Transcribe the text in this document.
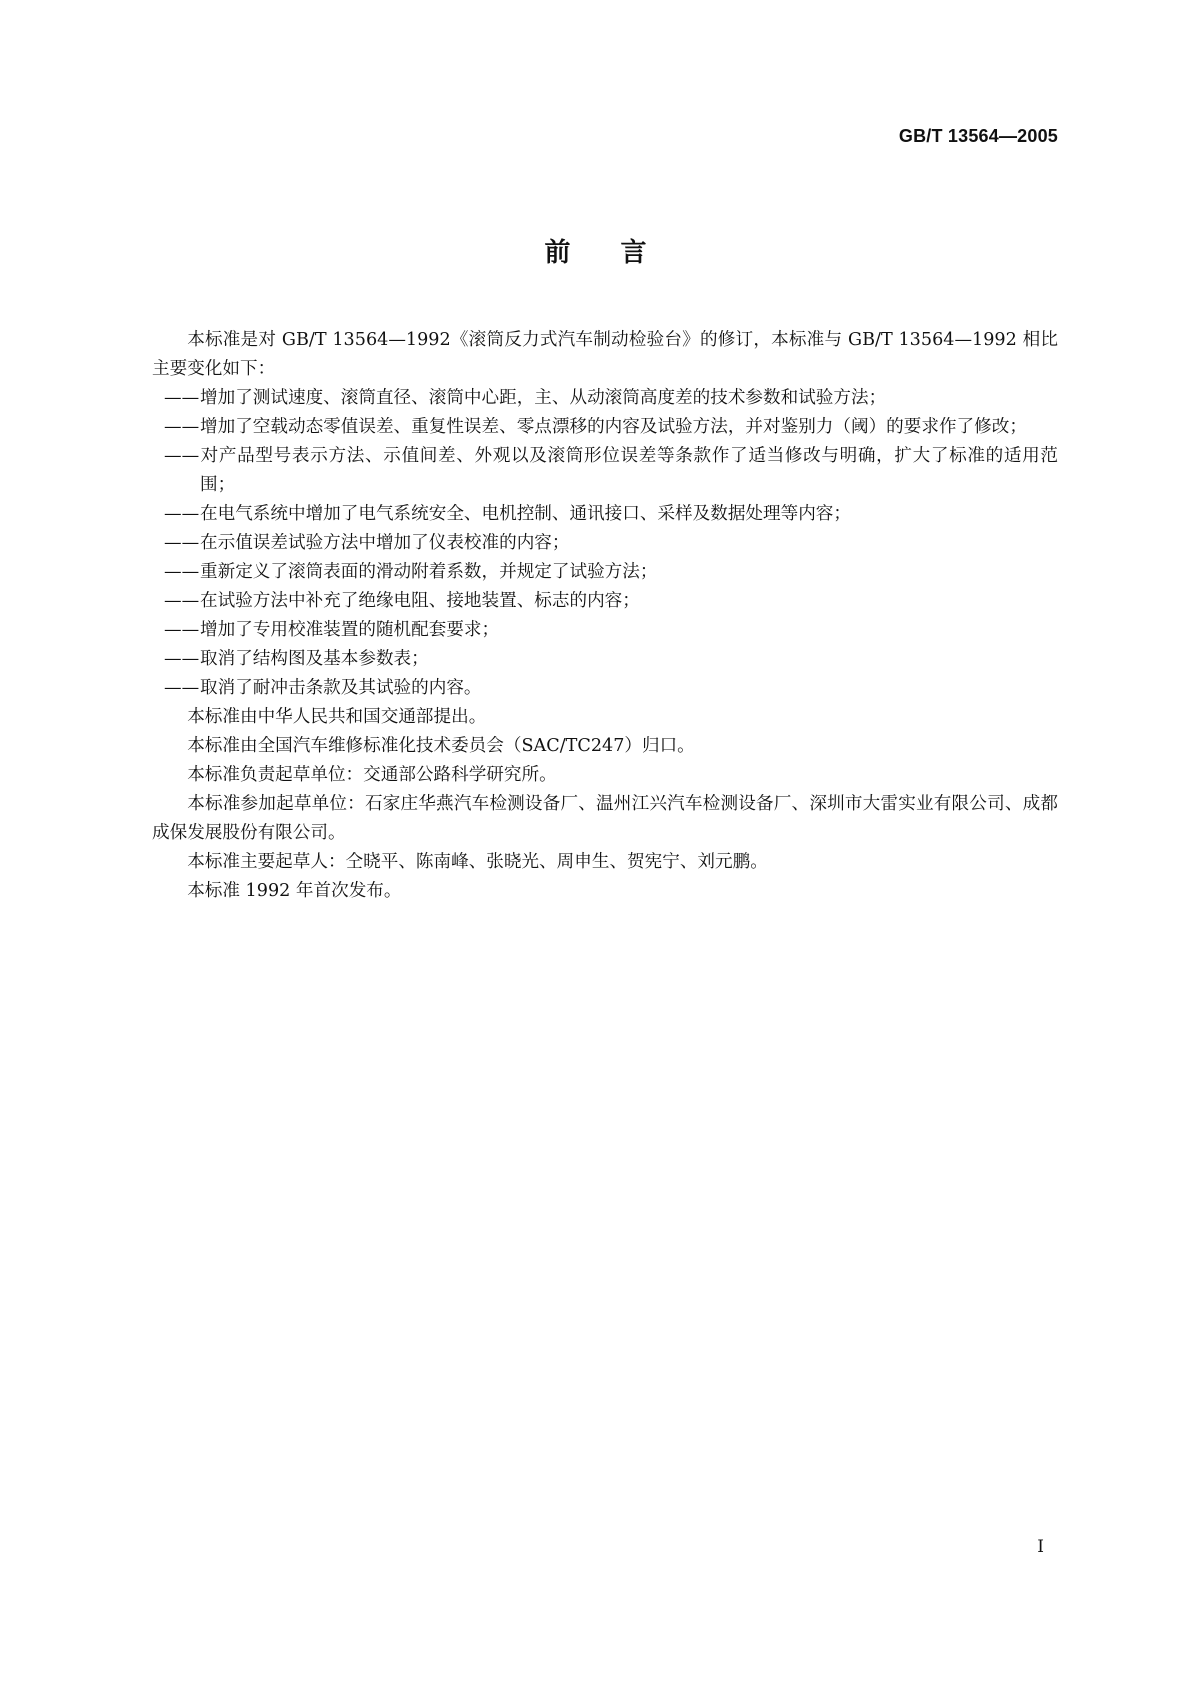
GB/T 13564—2005
前言

本标准是对 GB/T 13564—1992《滚筒反力式汽车制动检验台》的修订，本标准与 GB/T 13564—1992 相比主要变化如下：

——增加了测试速度、滚筒直径、滚筒中心距，主、从动滚筒高度差的技术参数和试验方法；

——增加了空载动态零值误差、重复性误差、零点漂移的内容及试验方法，并对鉴别力（阈）的要求作了修改；

——对产品型号表示方法、示值间差、外观以及滚筒形位误差等条款作了适当修改与明确，扩大了标准的适用范围；

——在电气系统中增加了电气系统安全、电机控制、通讯接口、采样及数据处理等内容；

——在示值误差试验方法中增加了仪表校准的内容；

——重新定义了滚筒表面的滑动附着系数，并规定了试验方法；

——在试验方法中补充了绝缘电阻、接地装置、标志的内容；

——增加了专用校准装置的随机配套要求；

——取消了结构图及基本参数表；

——取消了耐冲击条款及其试验的内容。

本标准由中华人民共和国交通部提出。

本标准由全国汽车维修标准化技术委员会（SAC/TC247）归口。

本标准负责起草单位：交通部公路科学研究所。

本标准参加起草单位：石家庄华燕汽车检测设备厂、温州江兴汽车检测设备厂、深圳市大雷实业有限公司、成都成保发展股份有限公司。

本标准主要起草人：仝晓平、陈南峰、张晓光、周申生、贺宪宁、刘元鹏。

本标准 1992 年首次发布。

I
